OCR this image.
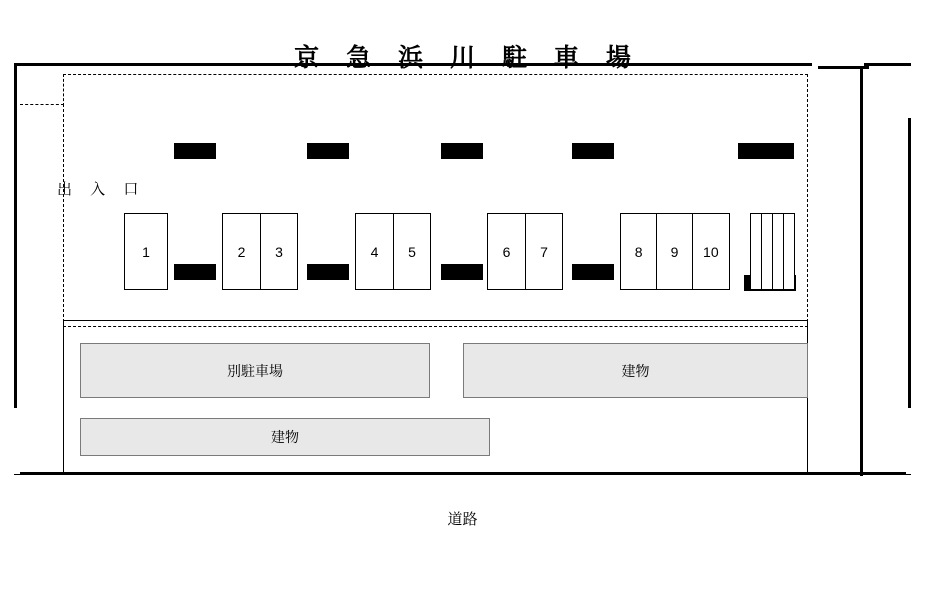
京 急 浜 川 駐 車 場
出 入 口
1	2 3	4 5	6 7	8 9 10
別駐車場	建物
建物
道路
